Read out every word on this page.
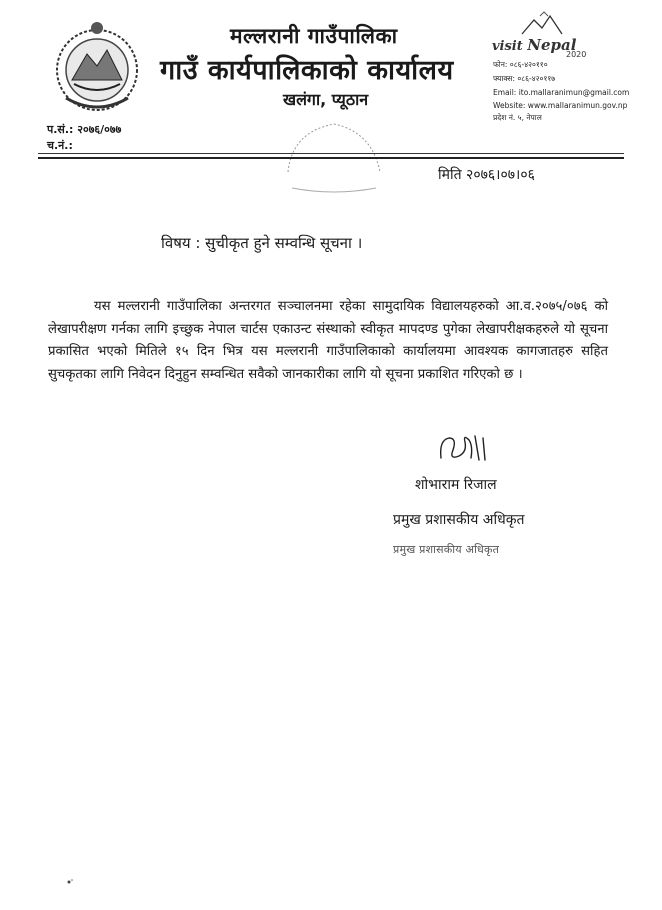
मल्लरानी गाउँपालिका
गाउँ कार्यपालिकाको कार्यालय
खलंगा, प्यूठान
visit Nepal
2020
फोन: ०८६-४२०११०
फ्याक्स: ०८६-४२०११७
Email: ito.mallaranimun@gmail.com
Website: www.mallaranimun.gov.np
प्रदेश नं. ५, नेपाल
प.सं.: २०७६/०७७
च.नं.:
मिति २०७६।०७।०६
विषय : सुचीकृत हुने सम्वन्धि सूचना ।
यस मल्लरानी गाउँपालिका अन्तरगत सञ्चालनमा रहेका सामुदायिक विद्यालयहरुको आ.व.२०७५/०७६ को लेखापरीक्षण गर्नका लागि इच्छुक नेपाल चार्टस एकाउन्ट संस्थाको स्वीकृत मापदण्ड पुगेका लेखापरीक्षकहरुले यो सूचना प्रकासित भएको मितिले १५ दिन भित्र यस मल्लरानी गाउँपालिकाको कार्यालयमा आवश्यक कागजातहरु सहित सुचकृतका लागि निवेदन दिनुहुन सम्वन्धित सवैको जानकारीका लागि यो सूचना प्रकाशित गरिएको छ ।
शोभाराम रिजाल
प्रमुख प्रशासकीय अधिकृत
प्रमुख प्रशासकीय अधिकृत
